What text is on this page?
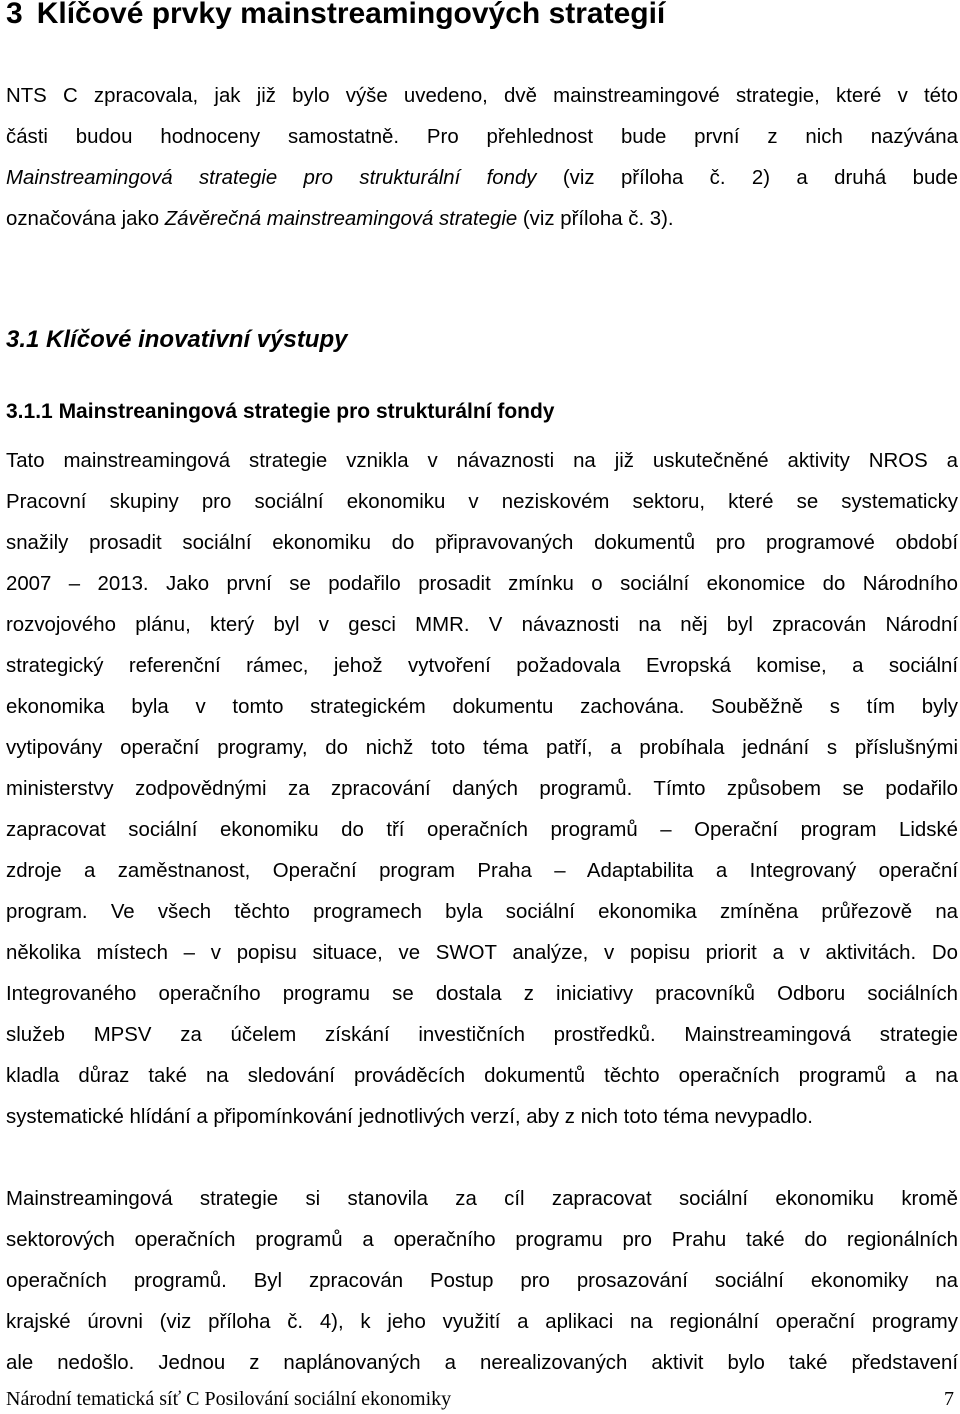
3 Klíčové prvky mainstreamingových strategií
NTS C zpracovala, jak již bylo výše uvedeno, dvě mainstreamingové strategie, které v této
části budou hodnoceny samostatně. Pro přehlednost bude první z nich nazývána
Mainstreamingová strategie pro strukturální fondy (viz příloha č. 2) a druhá bude
označována jako Závěrečná mainstreamingová strategie (viz příloha č. 3).
3.1 Klíčové inovativní výstupy
3.1.1 Mainstreaningová strategie pro strukturální fondy
Tato mainstreamingová strategie vznikla v návaznosti na již uskutečněné aktivity NROS a
Pracovní skupiny pro sociální ekonomiku v neziskovém sektoru, které se systematicky
snažily prosadit sociální ekonomiku do připravovaných dokumentů pro programové období
2007 – 2013. Jako první se podařilo prosadit zmínku o sociální ekonomice do Národního
rozvojového plánu, který byl v gesci MMR. V návaznosti na něj byl zpracován Národní
strategický referenční rámec, jehož vytvoření požadovala Evropská komise, a sociální
ekonomika byla v tomto strategickém dokumentu zachována. Souběžně s tím byly
vytipovány operační programy, do nichž toto téma patří, a probíhala jednání s příslušnými
ministerstvy zodpovědnými za zpracování daných programů. Tímto způsobem se podařilo
zapracovat sociální ekonomiku do tří operačních programů – Operační program Lidské
zdroje a zaměstnanost, Operační program Praha – Adaptabilita a Integrovaný operační
program. Ve všech těchto programech byla sociální ekonomika zmíněna průřezově na
několika místech – v popisu situace, ve SWOT analýze, v popisu priorit a v aktivitách. Do
Integrovaného operačního programu se dostala z iniciativy pracovníků Odboru sociálních
služeb MPSV za účelem získání investičních prostředků. Mainstreamingová strategie
kladla důraz také na sledování prováděcích dokumentů těchto operačních programů a na
systematické hlídání a připomínkování jednotlivých verzí, aby z nich toto téma nevypadlo.
Mainstreamingová strategie si stanovila za cíl zapracovat sociální ekonomiku kromě
sektorových operačních programů a operačního programu pro Prahu také do regionálních
operačních programů. Byl zpracován Postup pro prosazování sociální ekonomiky na
krajské úrovni (viz příloha č. 4), k jeho využití a aplikaci na regionální operační programy
ale nedošlo. Jednou z naplánovaných a nerealizovaných aktivit bylo také představení
Národní tematická síť C Posilování sociální ekonomiky	7
